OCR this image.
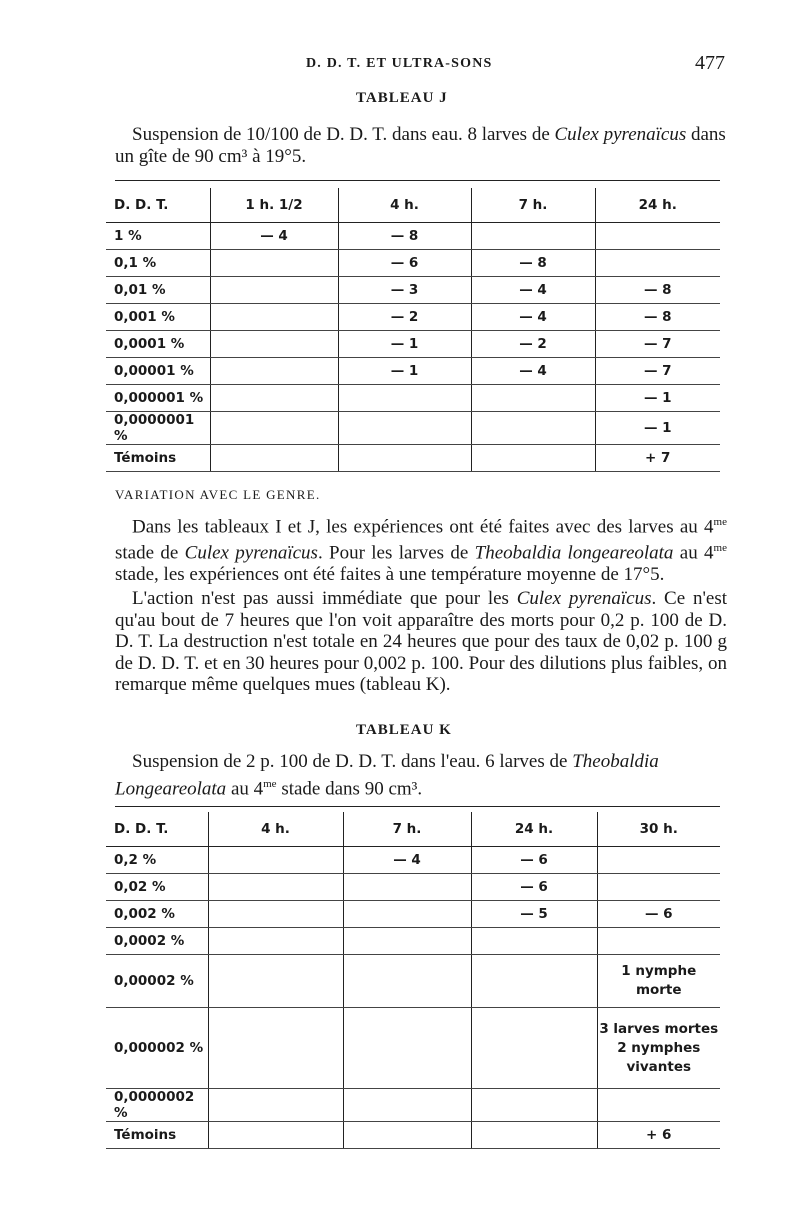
D. D. T. ET ULTRA-SONS	477
TABLEAU J

Suspension de 10/100 de D. D. T. dans eau. 8 larves de Culex pyrenaïcus dans un gîte de 90 cm³ à 19°5.

D. D. T.	1 h. 1/2	4 h.	7 h.	24 h.
1 %	— 4	— 8		
0,1 %		— 6	— 8	
0,01 %		— 3	— 4	— 8
0,001 %		— 2	— 4	— 8
0,0001 %		— 1	— 2	— 7
0,00001 %		— 1	— 4	— 7
0,000001 %				— 1
0,0000001 %				— 1
Témoins				+ 7
VARIATION AVEC LE GENRE.

Dans les tableaux I et J, les expériences ont été faites avec des larves au $4^{me}$ stade de Culex pyrenaïcus. Pour les larves de Theobaldia longeareolata au $4^{me}$ stade, les expériences ont été faites à une température moyenne de 17°5.

L'action n'est pas aussi immédiate que pour les Culex pyrenaïcus. Ce n'est qu'au bout de 7 heures que l'on voit apparaître des morts pour 0,2 p. 100 de D. D. T. La destruction n'est totale en 24 heures que pour des taux de 0,02 p. 100 g de D. D. T. et en 30 heures pour 0,002 p. 100. Pour des dilutions plus faibles, on remarque même quelques mues (tableau K).

TABLEAU K

Suspension de 2 p. 100 de D. D. T. dans l'eau. 6 larves de Theobaldia Longeareolata au $4^{me}$ stade dans 90 cm³.

D. D. T.	4 h.	7 h.	24 h.	30 h.
0,2 %		— 4	— 6	
0,02 %			— 6	
0,002 %			— 5	— 6
0,0002 %				
0,00002 %				1 nymphe morte
0,000002 %				3 larves mortes 2 nymphes vivantes
0,0000002 %				
Témoins				+ 6
